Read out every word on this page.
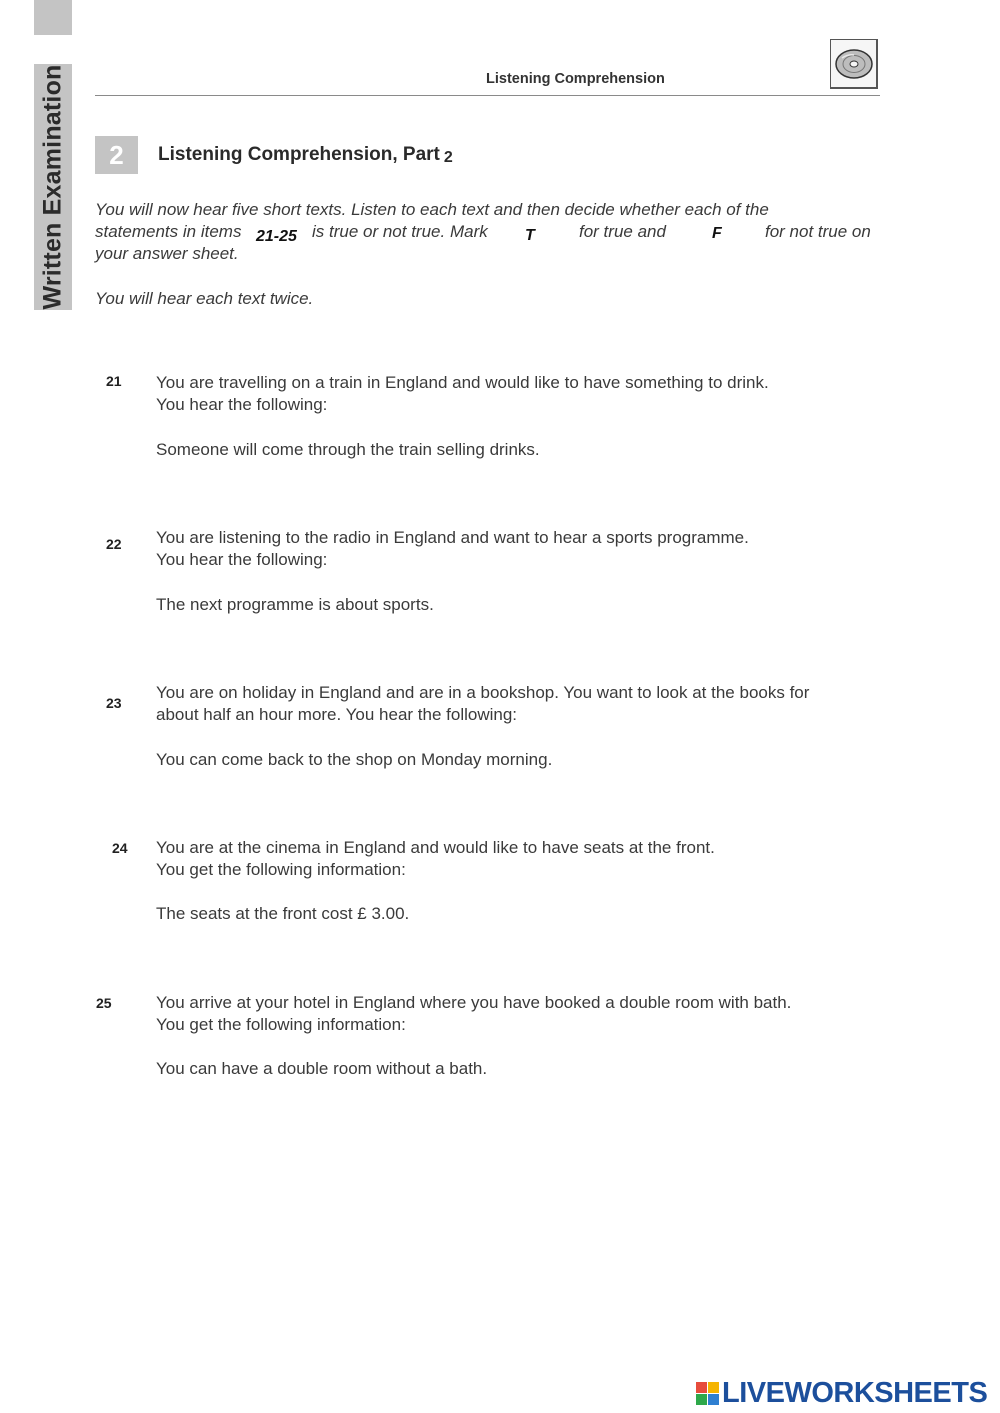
Written Examination	Listening Comprehension
2	Listening Comprehension, Part 2
You will now hear five short texts. Listen to each text and then decide whether each of the
statements in items 21-25 is true or not true. Mark T	for true and	F	for not true on
your answer sheet.
You will hear each text twice.
21 You are travelling on a train in England and would like to have something to drink.
You hear the following:
Someone will come through the train selling drinks.
22 You are listening to the radio in England and want to hear a sports programme.
You hear the following:
The next programme is about sports.
23
You are on holiday in England and are in a bookshop. You want to look at the books for
about half an hour more. You hear the following:
You can come back to the shop on Monday morning.
24 You are at the cinema in England and would like to have seats at the front.
You get the following information:
The seats at the front cost £ 3.00.
25	You arrive at your hotel in England where you have booked a double room with bath.
You get the following information:
You can have a double room without a bath.
LIVEWORKSHEETS
